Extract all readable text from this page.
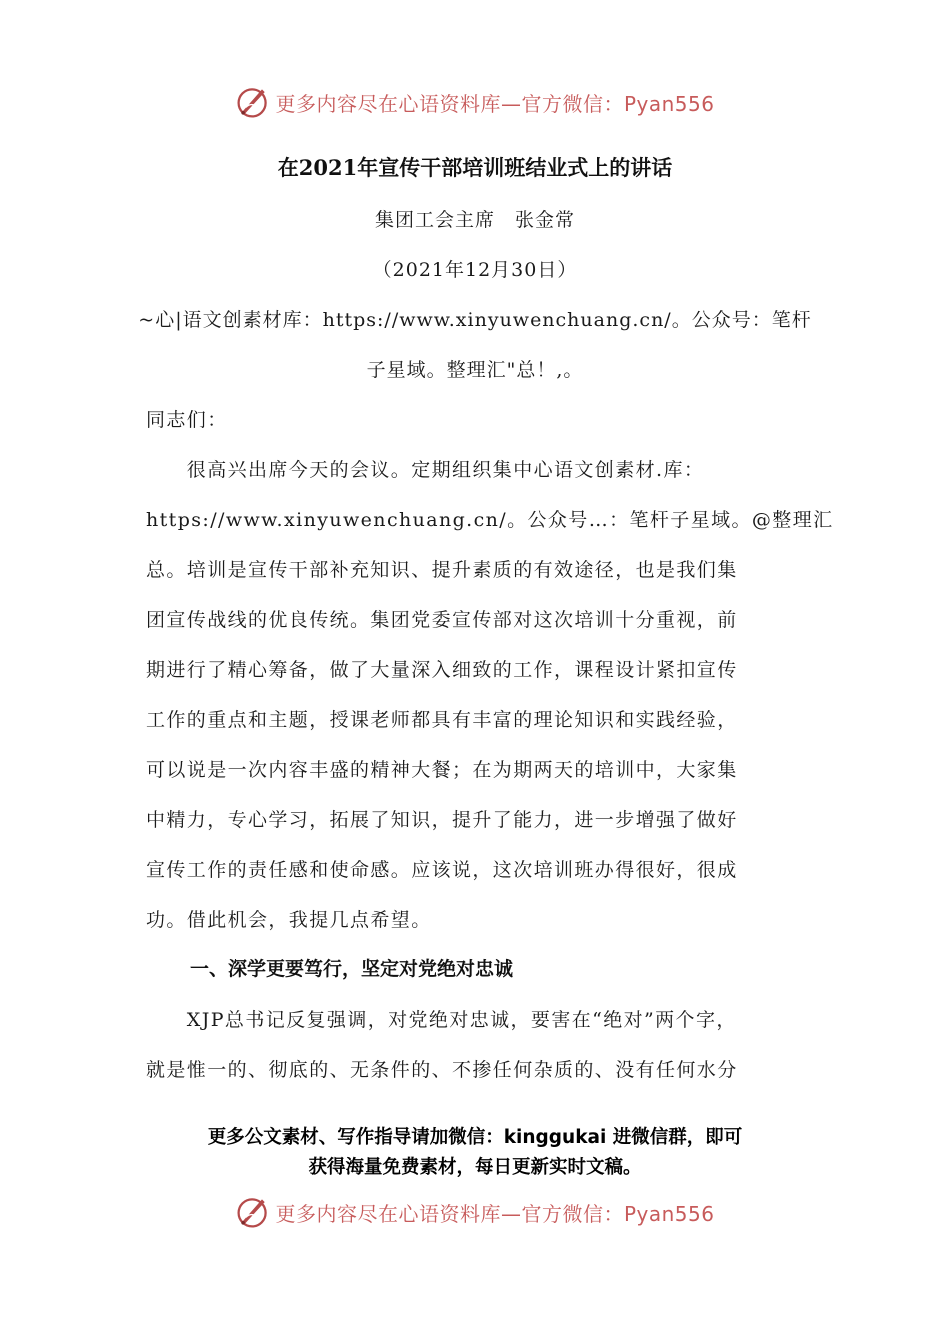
更多内容尽在心语资料库—官方微信：Pyan556
在2021年宣传干部培训班结业式上的讲话
集团工会主席　张金常
（2021年12月30日）
~心|语文创素材库：https://www.xinyuwenchuang.cn/。公众号：笔杆
子星域。整理汇"总！,。
同志们：
　　很高兴出席今天的会议。定期组织集中心语文创素材.库：
https://www.xinyuwenchuang.cn/。公众号…：笔杆子星域。@整理汇
总。培训是宣传干部补充知识、提升素质的有效途径，也是我们集
团宣传战线的优良传统。集团党委宣传部对这次培训十分重视，前
期进行了精心筹备，做了大量深入细致的工作，课程设计紧扣宣传
工作的重点和主题，授课老师都具有丰富的理论知识和实践经验，
可以说是一次内容丰盛的精神大餐；在为期两天的培训中，大家集
中精力，专心学习，拓展了知识，提升了能力，进一步增强了做好
宣传工作的责任感和使命感。应该说，这次培训班办得很好，很成
功。借此机会，我提几点希望。
一、深学更要笃行，坚定对党绝对忠诚
　　XJP总书记反复强调，对党绝对忠诚，要害在“绝对”两个字，
就是惟一的、彻底的、无条件的、不掺任何杂质的、没有任何水分
更多公文素材、写作指导请加微信：kinggukai 进微信群，即可
获得海量免费素材，每日更新实时文稿。
更多内容尽在心语资料库—官方微信：Pyan556
